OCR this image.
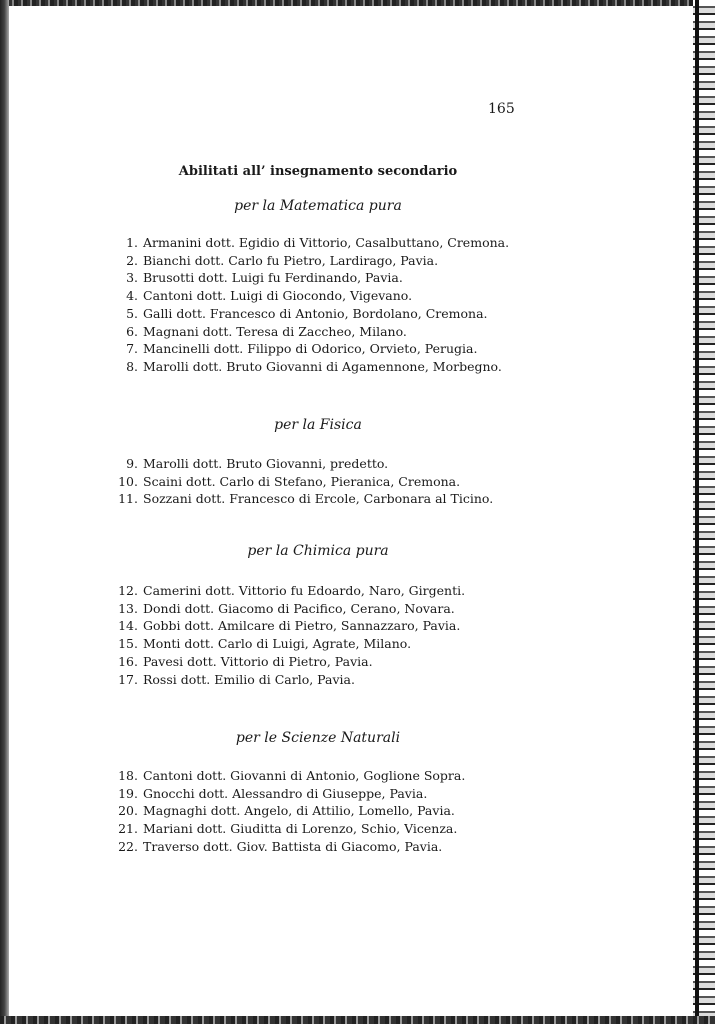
165
Abilitati all’ insegnamento secondario
per la Matematica pura
1. Armanini dott. Egidio di Vittorio, Casalbuttano, Cremona.
2. Bianchi dott. Carlo fu Pietro, Lardirago, Pavia.
3. Brusotti dott. Luigi fu Ferdinando, Pavia.
4. Cantoni dott. Luigi di Giocondo, Vigevano.
5. Galli dott. Francesco di Antonio, Bordolano, Cremona.
6. Magnani dott. Teresa di Zaccheo, Milano.
7. Mancinelli dott. Filippo di Odorico, Orvieto, Perugia.
8. Marolli dott. Bruto Giovanni di Agamennone, Morbegno.
per la Fisica
9. Marolli dott. Bruto Giovanni, predetto.
10. Scaini dott. Carlo di Stefano, Pieranica, Cremona.
11. Sozzani dott. Francesco di Ercole, Carbonara al Ticino.
per la Chimica pura
12. Camerini dott. Vittorio fu Edoardo, Naro, Girgenti.
13. Dondi dott. Giacomo di Pacifico, Cerano, Novara.
14. Gobbi dott. Amilcare di Pietro, Sannazzaro, Pavia.
15. Monti dott. Carlo di Luigi, Agrate, Milano.
16. Pavesi dott. Vittorio di Pietro, Pavia.
17. Rossi dott. Emilio di Carlo, Pavia.
per le Scienze Naturali
18. Cantoni dott. Giovanni di Antonio, Goglione Sopra.
19. Gnocchi dott. Alessandro di Giuseppe, Pavia.
20. Magnaghi dott. Angelo, di Attilio, Lomello, Pavia.
21. Mariani dott. Giuditta di Lorenzo, Schio, Vicenza.
22. Traverso dott. Giov. Battista di Giacomo, Pavia.
